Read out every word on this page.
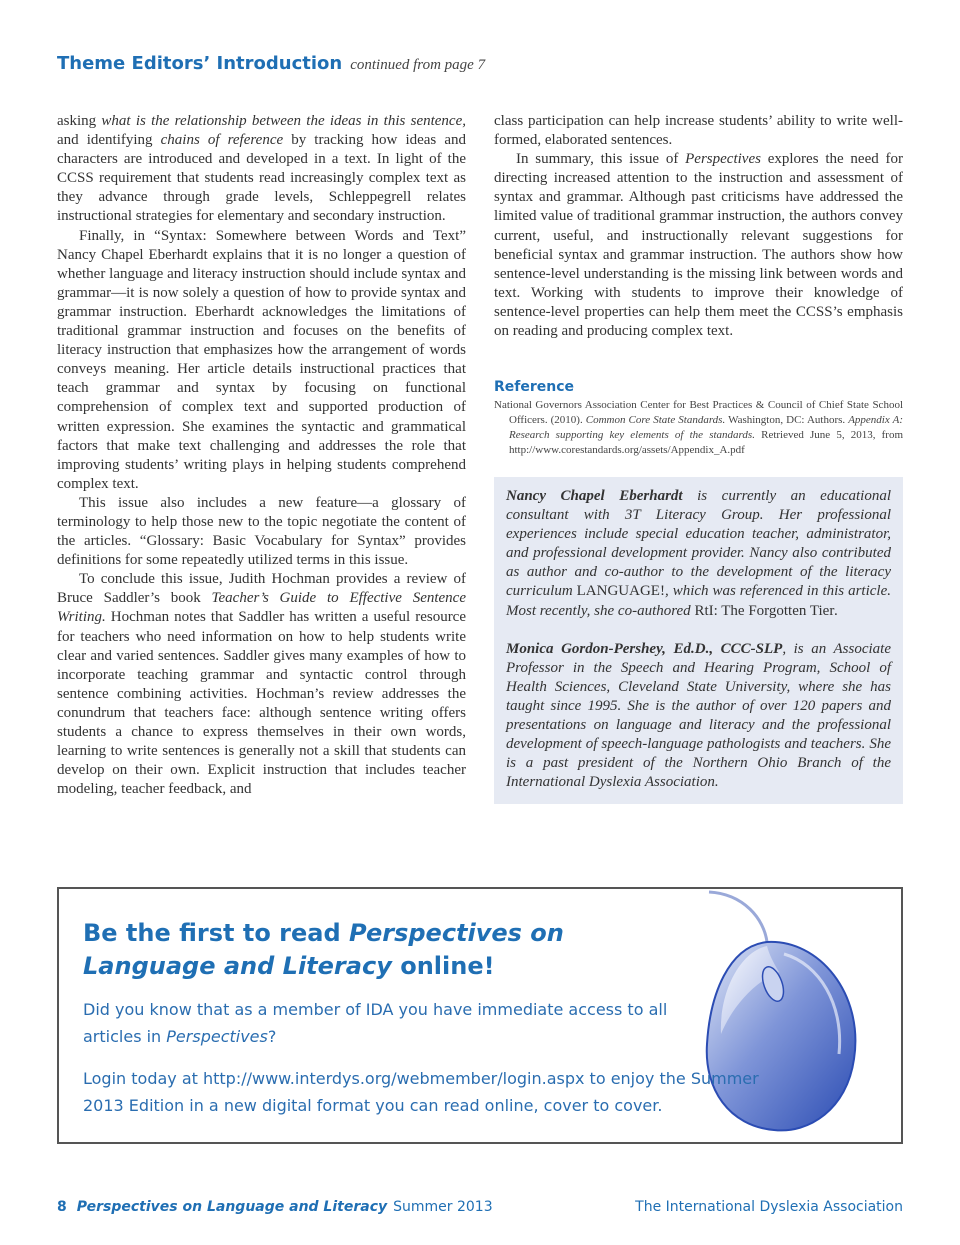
Theme Editors’ Introduction continued from page 7

asking what is the relationship between the ideas in this sentence, and identifying chains of reference by tracking how ideas and characters are introduced and developed in a text. In light of the CCSS requirement that students read increasingly complex text as they advance through grade levels, Schleppegrell relates instructional strategies for elementary and secondary instruction.

Finally, in “Syntax: Somewhere between Words and Text” Nancy Chapel Eberhardt explains that it is no longer a question of whether language and literacy instruction should include syntax and grammar—it is now solely a question of how to provide syntax and grammar instruction. Eberhardt acknowledges the limitations of traditional grammar instruction and focuses on the benefits of literacy instruction that emphasizes how the arrangement of words conveys meaning. Her article details instructional practices that teach grammar and syntax by focusing on functional comprehension of complex text and supported production of written expression. She examines the syntactic and grammatical factors that make text challenging and addresses the role that improving students’ writing plays in helping students comprehend complex text.

This issue also includes a new feature—a glossary of terminology to help those new to the topic negotiate the content of the articles. “Glossary: Basic Vocabulary for Syntax” provides definitions for some repeatedly utilized terms in this issue.

To conclude this issue, Judith Hochman provides a review of Bruce Saddler’s book Teacher’s Guide to Effective Sentence Writing. Hochman notes that Saddler has written a useful resource for teachers who need information on how to help students write clear and varied sentences. Saddler gives many examples of how to incorporate teaching grammar and syntactic control through sentence combining activities. Hochman’s review addresses the conundrum that teachers face: although sentence writing offers students a chance to express themselves in their own words, learning to write sentences is generally not a skill that students can develop on their own. Explicit instruction that includes teacher modeling, teacher feedback, and

class participation can help increase students’ ability to write well-formed, elaborated sentences.

In summary, this issue of Perspectives explores the need for directing increased attention to the instruction and assessment of syntax and grammar. Although past criticisms have addressed the limited value of traditional grammar instruction, the authors convey current, useful, and instructionally relevant suggestions for beneficial syntax and grammar instruction. The authors show how sentence-level understanding is the missing link between words and text. Working with students to improve their knowledge of sentence-level properties can help them meet the CCSS’s emphasis on reading and producing complex text.

Reference
National Governors Association Center for Best Practices & Council of Chief State School Officers. (2010). Common Core State Standards. Washington, DC: Authors. Appendix A: Research supporting key elements of the standards. Retrieved June 5, 2013, from http://www.corestandards.org/assets/Appendix_A.pdf

Nancy Chapel Eberhardt is currently an educational consultant with 3T Literacy Group. Her professional experiences include special education teacher, administrator, and professional development provider. Nancy also contributed as author and co-author to the development of the literacy curriculum LANGUAGE!, which was referenced in this article. Most recently, she co-authored RtI: The Forgotten Tier.

Monica Gordon-Pershey, Ed.D., CCC-SLP, is an Associate Professor in the Speech and Hearing Program, School of Health Sciences, Cleveland State University, where she has taught since 1995. She is the author of over 120 papers and presentations on language and literacy and the professional development of speech-language pathologists and teachers. She is a past president of the Northern Ohio Branch of the International Dyslexia Association.

Be the first to read Perspectives on Language and Literacy online!
Did you know that as a member of IDA you have immediate access to all articles in Perspectives?
Login today at http://www.interdys.org/webmember/login.aspx to enjoy the Summer 2013 Edition in a new digital format you can read online, cover to cover.
8 Perspectives on Language and Literacy Summer 2013	The International Dyslexia Association
